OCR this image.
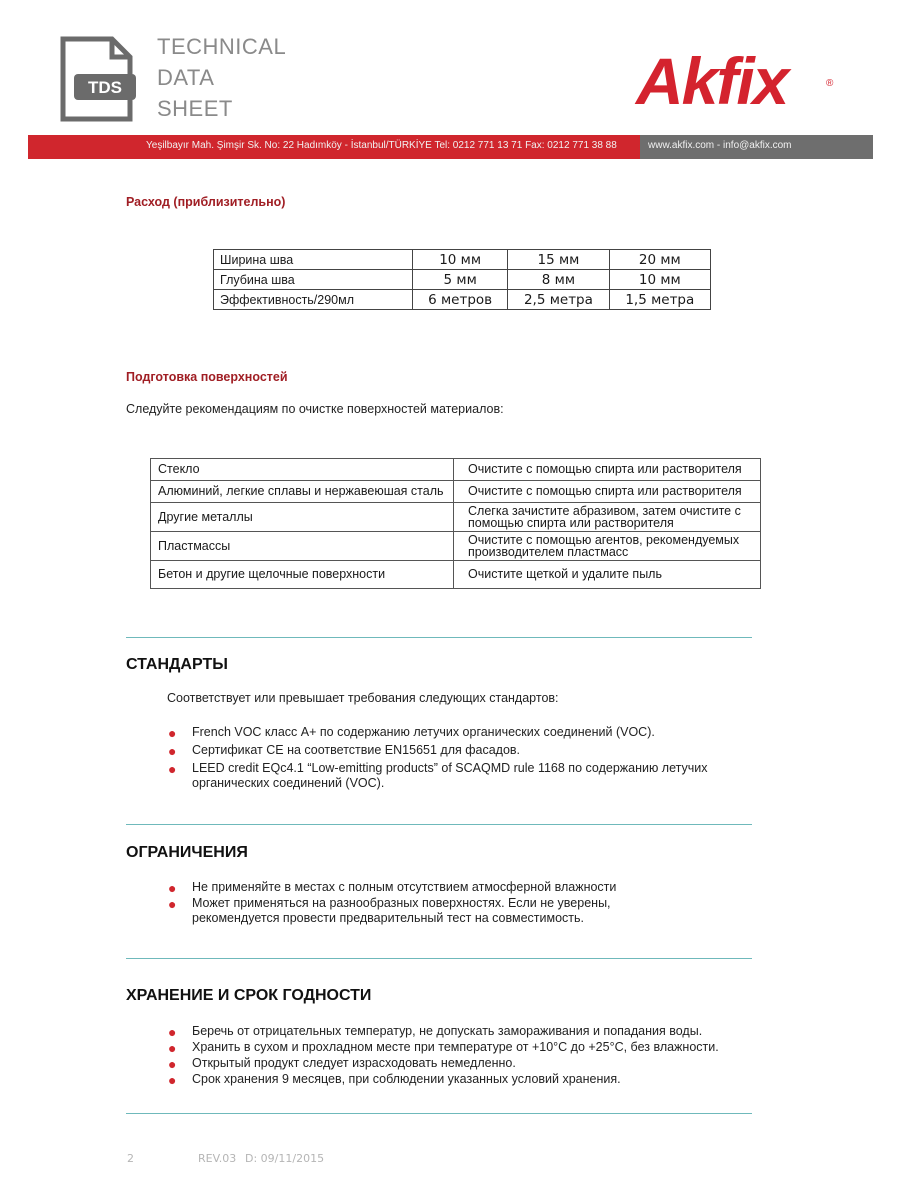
TDS
TECHNICAL
DATA
SHEET	Akfix	®
Yeşilbayır Mah. Şimşir Sk. No: 22 Hadımköy - İstanbul/TÜRKİYE Tel: 0212 771 13 71 Fax: 0212 771 38 88	www.akfix.com - info@akfix.com
Расход (приблизительно)
Ширина шва	10 мм	15 мм	20 мм
Глубина шва	5 мм	8 мм	10 мм
Эффективность/290мл	6 метров	2,5 метра	1,5 метра
Подготовка поверхностей
Следуйте рекомендациям по очистке поверхностей материалов:
Стекло	Очистите с помощью спирта или растворителя
Алюминий, легкие сплавы и нержавеюшая сталь	Очистите с помощью спирта или растворителя
Другие металлы	Слегка зачистите абразивом, затем очистите с помощью спирта или растворителя
Пластмассы	Очистите с помощью агентов, рекомендуемых производителем пластмасс
Бетон и другие щелочные поверхности	Очистите щеткой и удалите пыль
СТАНДАРТЫ
Соответствует или превышает требования следующих стандартов:
● French VOC класс A+ по содержанию летучих органических соединений (VOC).
● Сертификат CE на соответствие EN15651 для фасадов.
● LEED credit EQc4.1 “Low-emitting products” of SCAQMD rule 1168 по содержанию летучих органических соединений (VOC).
ОГРАНИЧЕНИЯ
● Не применяйте в местах с полным отсутствием атмосферной влажности
● Может применяться на разнообразных поверхностях. Если не уверены, рекомендуется провести предварительный тест на совместимость.
ХРАНЕНИЕ И СРОК ГОДНОСТИ
● Беречь от отрицательных температур, не допускать замораживания и попадания воды.
● Хранить в сухом и прохладном месте при температуре от +10°C до +25°C, без влажности.
● Открытый продукт следует израсходовать немедленно.
● Срок хранения 9 месяцев, при соблюдении указанных условий хранения.
2	REV.03 D: 09/11/2015
